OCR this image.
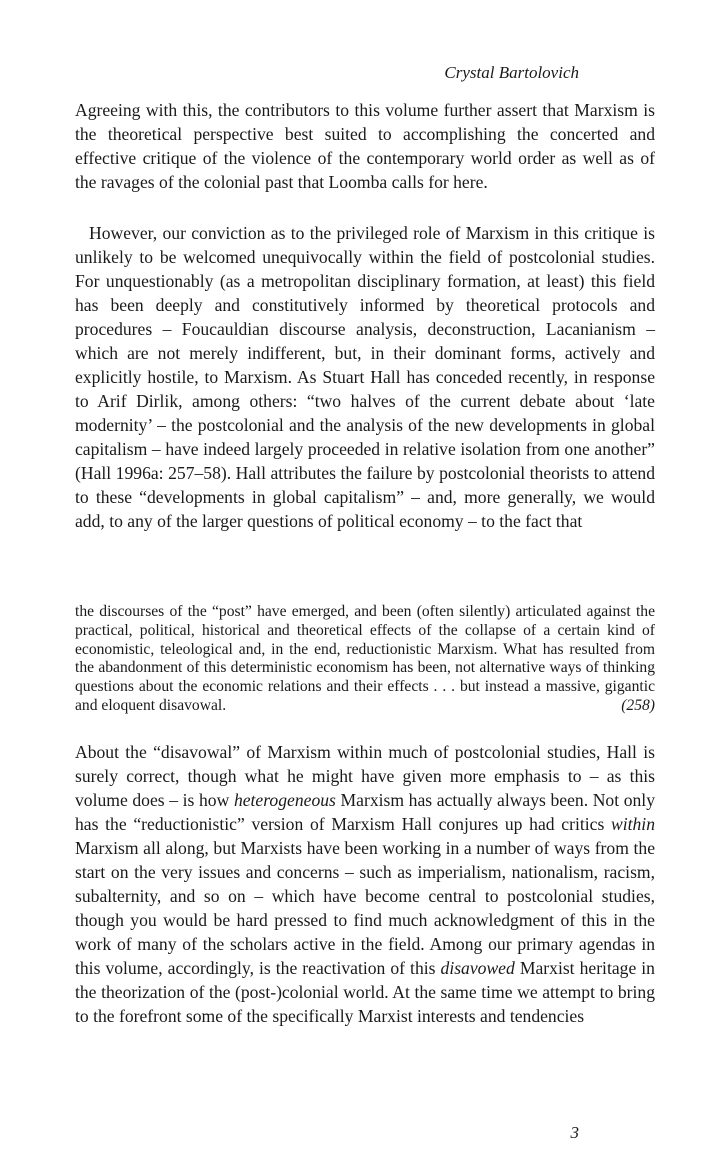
Crystal Bartolovich

Agreeing with this, the contributors to this volume further assert that Marxism is the theoretical perspective best suited to accomplishing the concerted and effective critique of the violence of the contemporary world order as well as of the ravages of the colonial past that Loomba calls for here.

However, our conviction as to the privileged role of Marxism in this critique is unlikely to be welcomed unequivocally within the field of postcolonial studies. For unquestionably (as a metropolitan disciplinary formation, at least) this field has been deeply and constitutively informed by theoretical protocols and procedures – Foucauldian discourse analysis, deconstruction, Lacanianism – which are not merely indifferent, but, in their dominant forms, actively and explicitly hostile, to Marxism. As Stuart Hall has conceded recently, in response to Arif Dirlik, among others: “two halves of the current debate about ‘late modernity’ – the postcolonial and the analysis of the new developments in global capitalism – have indeed largely proceeded in relative isolation from one another” (Hall 1996a: 257–58). Hall attributes the failure by postcolonial theorists to attend to these “developments in global capitalism” – and, more generally, we would add, to any of the larger questions of political economy – to the fact that

the discourses of the “post” have emerged, and been (often silently) articulated against the practical, political, historical and theoretical effects of the collapse of a certain kind of economistic, teleological and, in the end, reductionistic Marxism. What has resulted from the abandonment of this deterministic economism has been, not alternative ways of thinking questions about the economic relations and their effects . . . but instead a massive, gigantic and eloquent disavowal.	(258)

About the “disavowal” of Marxism within much of postcolonial studies, Hall is surely correct, though what he might have given more emphasis to – as this volume does – is how heterogeneous Marxism has actually always been. Not only has the “reductionistic” version of Marxism Hall conjures up had critics within Marxism all along, but Marxists have been working in a number of ways from the start on the very issues and concerns – such as imperialism, nationalism, racism, subalternity, and so on – which have become central to postcolonial studies, though you would be hard pressed to find much acknowledgment of this in the work of many of the scholars active in the field. Among our primary agendas in this volume, accordingly, is the reactivation of this disavowed Marxist heritage in the theorization of the (post-)colonial world. At the same time we attempt to bring to the forefront some of the specifically Marxist interests and tendencies

3
